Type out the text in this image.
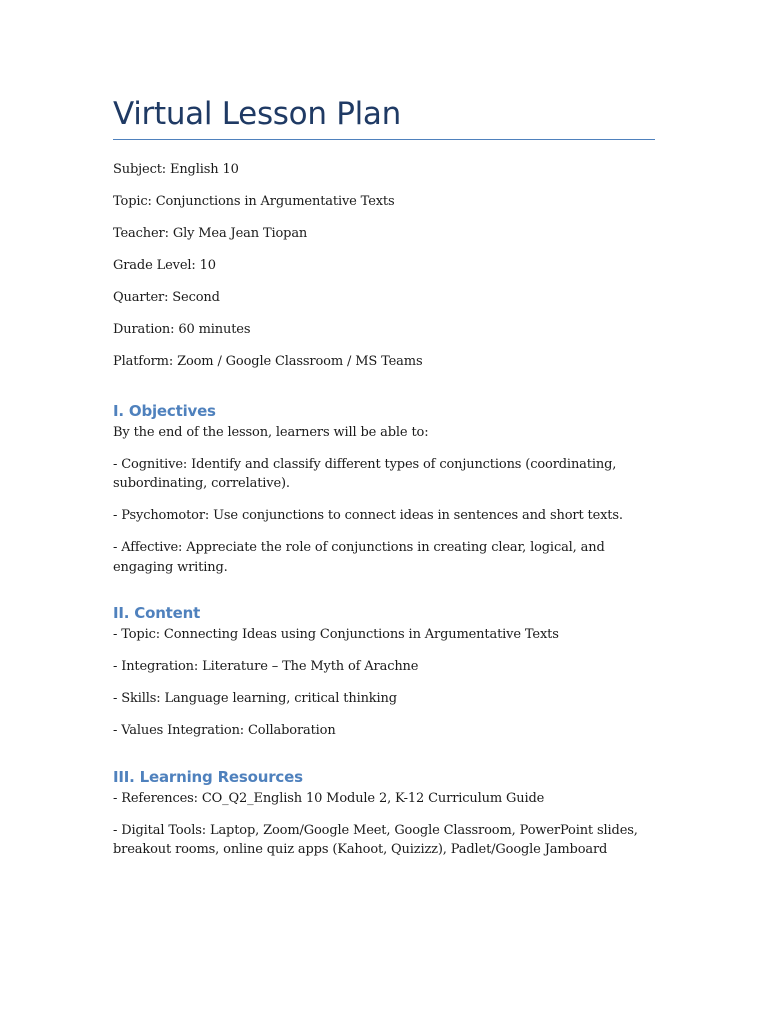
Virtual Lesson Plan

Subject: English 10

Topic: Conjunctions in Argumentative Texts

Teacher: Gly Mea Jean Tiopan

Grade Level: 10

Quarter: Second

Duration: 60 minutes

Platform: Zoom / Google Classroom / MS Teams

I. Objectives

By the end of the lesson, learners will be able to:

- Cognitive: Identify and classify different types of conjunctions (coordinating, subordinating, correlative).

- Psychomotor: Use conjunctions to connect ideas in sentences and short texts.

- Affective: Appreciate the role of conjunctions in creating clear, logical, and engaging writing.

II. Content

- Topic: Connecting Ideas using Conjunctions in Argumentative Texts

- Integration: Literature – The Myth of Arachne

- Skills: Language learning, critical thinking

- Values Integration: Collaboration

III. Learning Resources

- References: CO_Q2_English 10 Module 2, K-12 Curriculum Guide

- Digital Tools: Laptop, Zoom/Google Meet, Google Classroom, PowerPoint slides, breakout rooms, online quiz apps (Kahoot, Quizizz), Padlet/Google Jamboard
